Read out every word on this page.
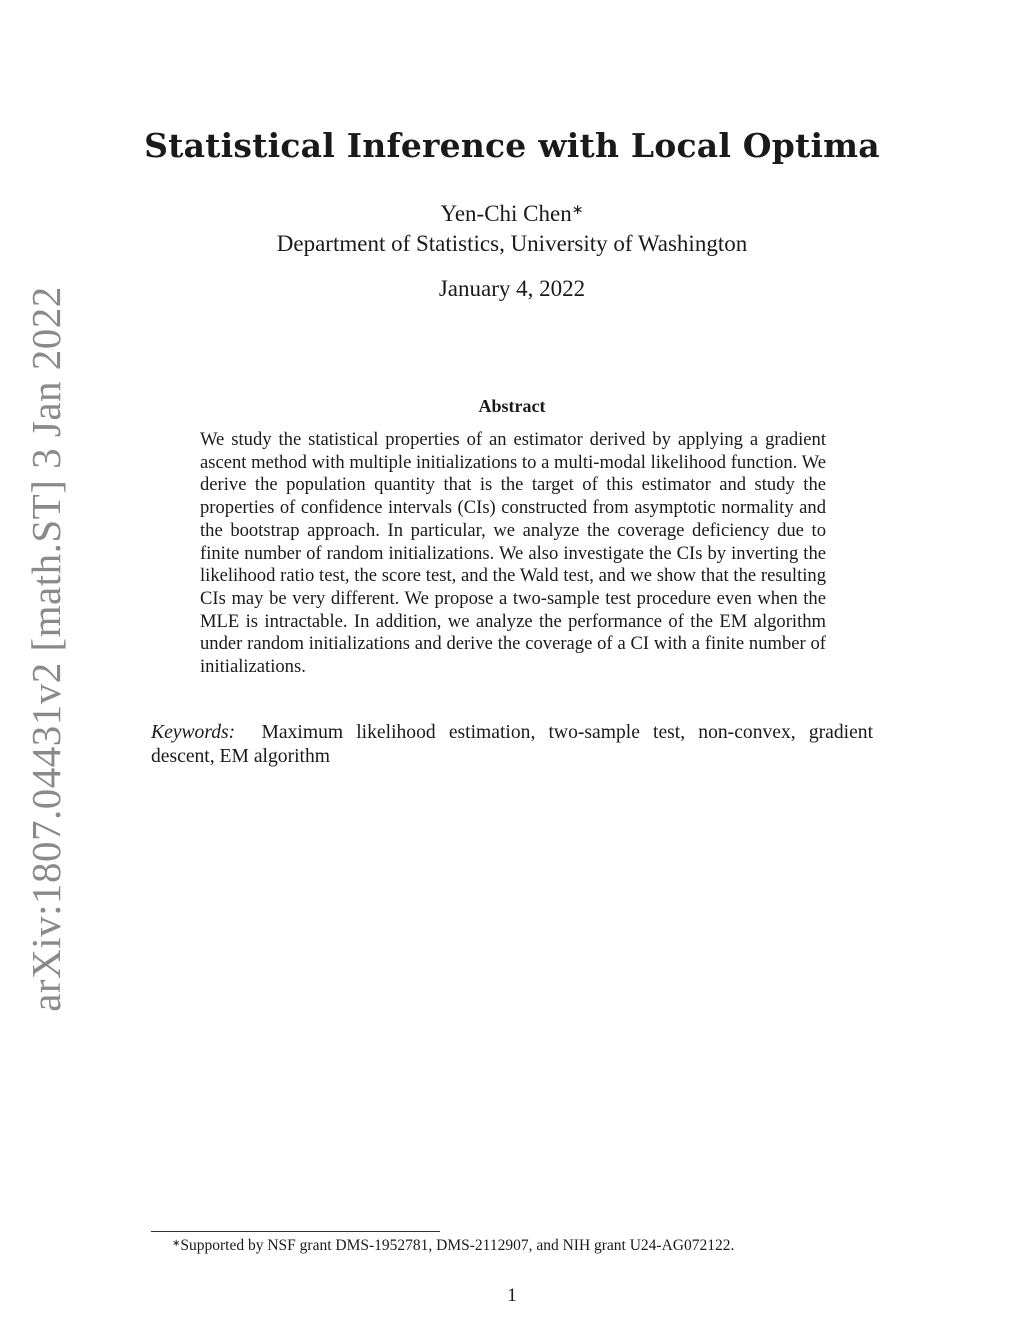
arXiv:1807.04431v2 [math.ST] 3 Jan 2022
Statistical Inference with Local Optima
Yen-Chi Chen∗
Department of Statistics, University of Washington
January 4, 2022
Abstract

We study the statistical properties of an estimator derived by applying a gradient ascent method with multiple initializations to a multi-modal likelihood function. We derive the population quantity that is the target of this estimator and study the properties of confidence intervals (CIs) constructed from asymptotic normality and the bootstrap approach. In particular, we analyze the coverage deficiency due to finite number of random initializations. We also investigate the CIs by inverting the likelihood ratio test, the score test, and the Wald test, and we show that the resulting CIs may be very different. We propose a two-sample test procedure even when the MLE is intractable. In addition, we analyze the performance of the EM algorithm under random initializations and derive the coverage of a CI with a finite number of initializations.

Keywords: Maximum likelihood estimation, two-sample test, non-convex, gradient descent, EM algorithm

∗Supported by NSF grant DMS-1952781, DMS-2112907, and NIH grant U24-AG072122.
1
